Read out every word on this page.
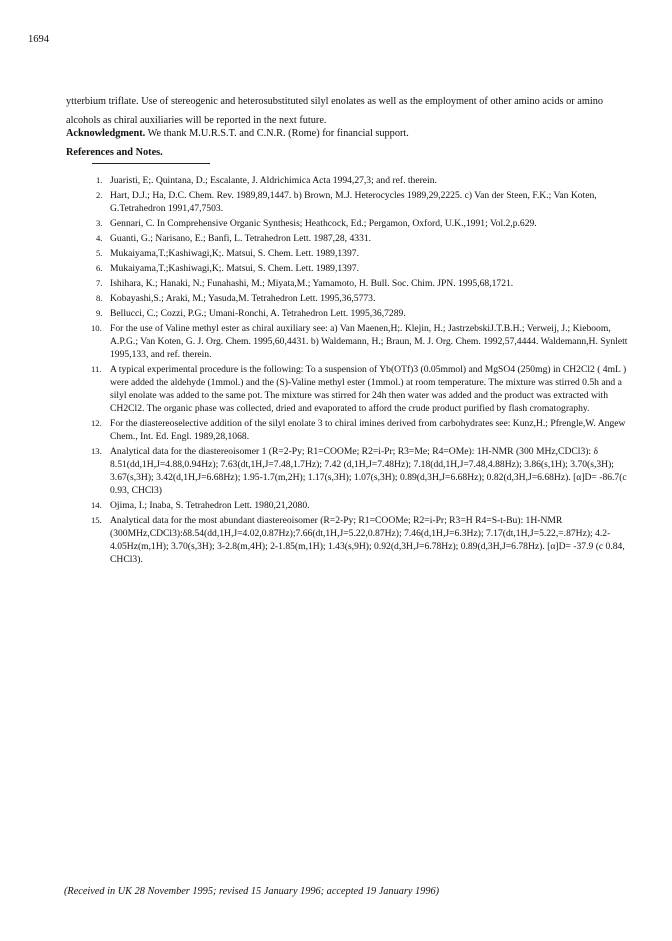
1694

ytterbium triflate. Use of stereogenic and heterosubstituted silyl enolates as well as the employment of other amino acids or amino alcohols as chiral auxiliaries will be reported in the next future.

Acknowledgment. We thank M.U.R.S.T. and C.N.R. (Rome) for financial support.
References and Notes.
1. Juaristi, E;. Quintana, D.; Escalante, J. Aldrichimica Acta 1994,27,3; and ref. therein.
2. Hart, D.J.; Ha, D.C. Chem. Rev. 1989,89,1447. b) Brown, M.J. Heterocycles 1989,29,2225. c) Van der Steen, F.K.; Van Koten, G.Tetrahedron 1991,47,7503.
3. Gennari, C. In Comprehensive Organic Synthesis; Heathcock, Ed.; Pergamon, Oxford, U.K.,1991; Vol.2,p.629.
4. Guanti, G.; Narisano, E.; Banfi, L. Tetrahedron Lett. 1987,28, 4331.
5. Mukaiyama,T.;Kashiwagi,K;. Matsui, S. Chem. Lett. 1989,1397.
6. Mukaiyama,T.;Kashiwagi,K;. Matsui, S. Chem. Lett. 1989,1397.
7. Ishihara, K.; Hanaki, N.; Funahashi, M.; Miyata,M.; Yamamoto, H. Bull. Soc. Chim. JPN. 1995,68,1721.
8. Kobayashi,S.; Araki, M.; Yasuda,M. Tetrahedron Lett. 1995,36,5773.
9. Bellucci, C.; Cozzi, P.G.; Umani-Ronchi, A. Tetrahedron Lett. 1995,36,7289.
10. For the use of Valine methyl ester as chiral auxiliary see: a) Van Maenen,H;. Klejin, H.; JastrzebskiJ.T.B.H.; Verweij, J.; Kieboom, A.P.G.; Van Koten, G. J. Org. Chem. 1995,60,4431. b) Waldemann, H.; Braun, M. J. Org. Chem. 1992,57,4444. Waldemann,H. Synlett 1995,133, and ref. therein.
11. A typical experimental procedure is the following: To a suspension of Yb(OTf)3 (0.05mmol) and MgSO4 (250mg) in CH2Cl2 ( 4mL ) were added the aldehyde (1mmol.) and the (S)-Valine methyl ester (1mmol.) at room temperature. The mixture was stirred 0.5h and a silyl enolate was added to the same pot. The mixture was stirred for 24h then water was added and the product was extracted with CH2Cl2. The organic phase was collected, dried and evaporated to afford the crude product purified by flash cromatography.
12. For the diastereoselective addition of the silyl enolate 3 to chiral imines derived from carbohydrates see: Kunz,H.; Pfrengle,W. Angew Chem., Int. Ed. Engl. 1989,28,1068.
13. Analytical data for the diastereoisomer 1 (R=2-Py; R1=COOMe; R2=i-Pr; R3=Me; R4=OMe): 1H-NMR (300 MHz,CDCl3): δ 8.51(dd,1H,J=4.88,0.94Hz); 7.63(dt,1H,J=7.48,1.7Hz); 7.42 (d,1H,J=7.48Hz); 7.18(dd,1H,J=7.48,4.88Hz); 3.86(s,1H); 3.70(s,3H); 3.67(s,3H); 3.42(d,1H,J=6.68Hz); 1.95-1.7(m,2H); 1.17(s,3H); 1.07(s,3H); 0.89(d,3H,J=6.68Hz); 0.82(d,3H,J=6.68Hz). [α]D= -86.7(c 0.93, CHCl3)
14. Ojima, I.; Inaba, S. Tetrahedron Lett. 1980,21,2080.
15. Analytical data for the most abundant diastereoisomer (R=2-Py; R1=COOMe; R2=i-Pr; R3=H R4=S-t-Bu): 1H-NMR (300MHz,CDCl3):δ8.54(dd,1H,J=4.02,0.87Hz);7.66(dt,1H,J=5.22,0.87Hz); 7.46(d,1H,J=6.3Hz); 7.17(dt,1H,J=5.22,=.87Hz); 4.2-4.05Hz(m,1H); 3.70(s,3H); 3-2.8(m,4H); 2-1.85(m,1H); 1.43(s,9H); 0.92(d,3H,J=6.78Hz); 0.89(d,3H,J=6.78Hz). [α]D= -37.9 (c 0.84, CHCl3).
(Received in UK 28 November 1995; revised 15 January 1996; accepted 19 January 1996)
